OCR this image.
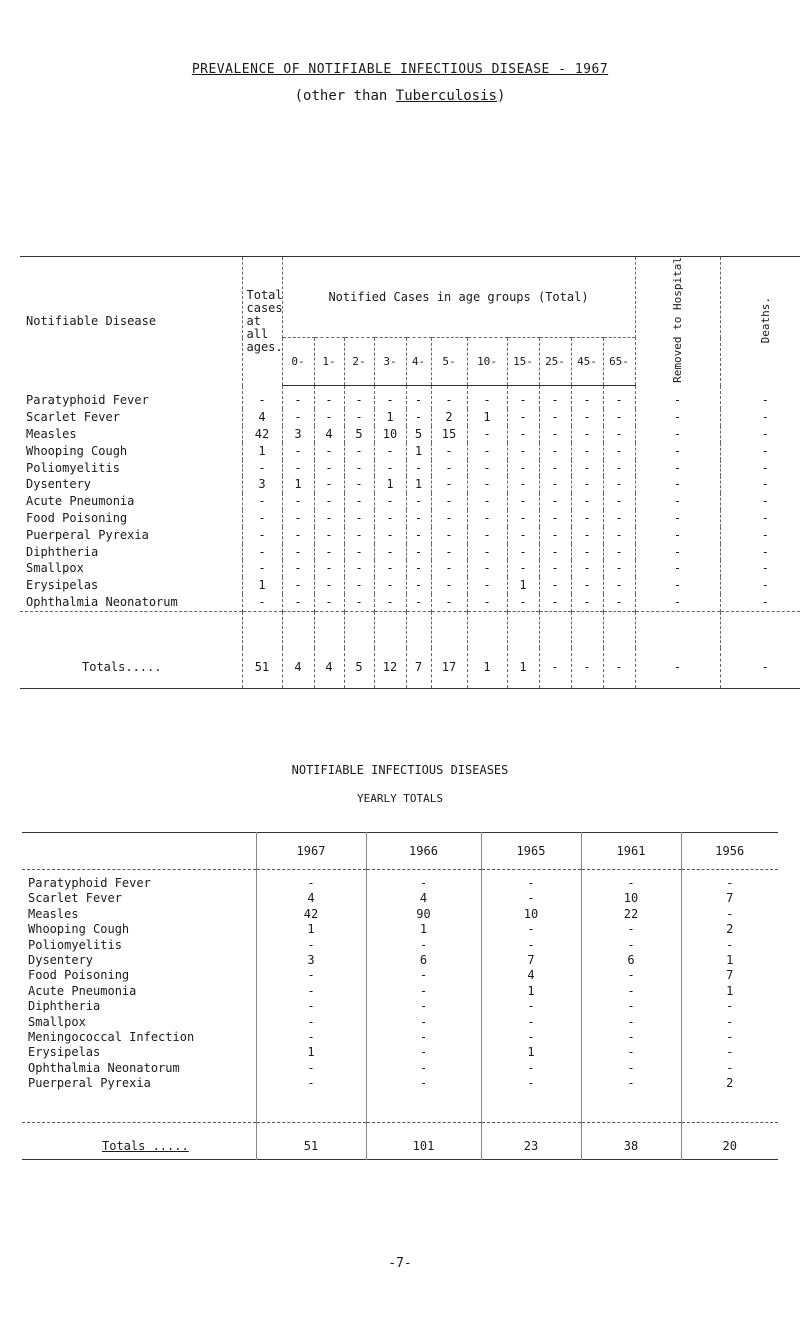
PREVALENCE OF NOTIFIABLE INFECTIOUS DISEASE - 1967
(other than Tuberculosis)
Notifiable Disease	Total cases at all ages.	Notified Cases in age groups (Total)											Removed to Hospital	Deaths.
		0-	1-	2-	3-	4-	5-	10-	15-	25-	45-	65-		
Paratyphoid Fever	-	-	-	-	-	-	-	-	-	-	-	-	-	-
Scarlet Fever	4	-	-	-	1	-	2	1	-	-	-	-	-	-
Measles	42	3	4	5	10	5	15	-	-	-	-	-	-	-
Whooping Cough	1	-	-	-	-	1	-	-	-	-	-	-	-	-
Poliomyelitis	-	-	-	-	-	-	-	-	-	-	-	-	-	-
Dysentery	3	1	-	-	1	1	-	-	-	-	-	-	-	-
Acute Pneumonia	-	-	-	-	-	-	-	-	-	-	-	-	-	-
Food Poisoning	-	-	-	-	-	-	-	-	-	-	-	-	-	-
Puerperal Pyrexia	-	-	-	-	-	-	-	-	-	-	-	-	-	-
Diphtheria	-	-	-	-	-	-	-	-	-	-	-	-	-	-
Smallpox	-	-	-	-	-	-	-	-	-	-	-	-	-	-
Erysipelas	1	-	-	-	-	-	-	-	1	-	-	-	-	-
Ophthalmia Neonatorum	-	-	-	-	-	-	-	-	-	-	-	-	-	-

Totals.....	51	4	4	5	12	7	17	1	1	-	-	-	-	-
NOTIFIABLE INFECTIOUS DISEASES
YEARLY TOTALS
	1967	1966	1965	1961	1956
Paratyphoid Fever	-	-	-	-	-
Scarlet Fever	4	4	-	10	7
Measles	42	90	10	22	-
Whooping Cough	1	1	-	-	2
Poliomyelitis	-	-	-	-	-
Dysentery	3	6	7	6	1
Food Poisoning	-	-	4	-	7
Acute Pneumonia	-	-	1	-	1
Diphtheria	-	-	-	-	-
Smallpox	-	-	-	-	-
Meningococcal Infection	-	-	-	-	-
Erysipelas	1	-	1	-	-
Ophthalmia Neonatorum	-	-	-	-	-
Puerperal Pyrexia	-	-	-	-	2

Totals .....	51	101	23	38	20
-7-
